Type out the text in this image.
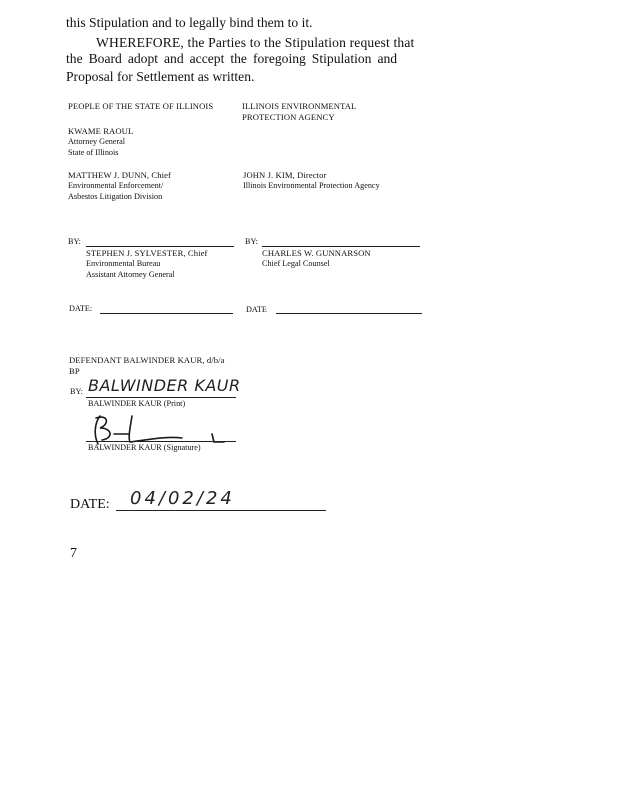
this Stipulation and to legally bind them to it.
WHEREFORE, the Parties to the Stipulation request that
the Board adopt and accept the foregoing Stipulation and
Proposal for Settlement as written.
PEOPLE OF THE STATE OF ILLINOIS
KWAME RAOUL
Attorney General
State of Illinois
MATTHEW J. DUNN, Chief
Environmental Enforcement/
Asbestos Litigation Division
ILLINOIS ENVIRONMENTAL
PROTECTION AGENCY
JOHN J. KIM, Director
Illinois Environmental Protection Agency
BY:
STEPHEN J. SYLVESTER, Chief
Environmental Bureau
Assistant Attorney General
BY:
CHARLES W. GUNNARSON
Chief Legal Counsel
DATE:	DATE
DEFENDANT BALWINDER KAUR, d/b/a
BP
BY: BALWINDER KAUR
BALWINDER KAUR (Print)
BALWINDER KAUR (Signature)
DATE: 04/02/24
7
